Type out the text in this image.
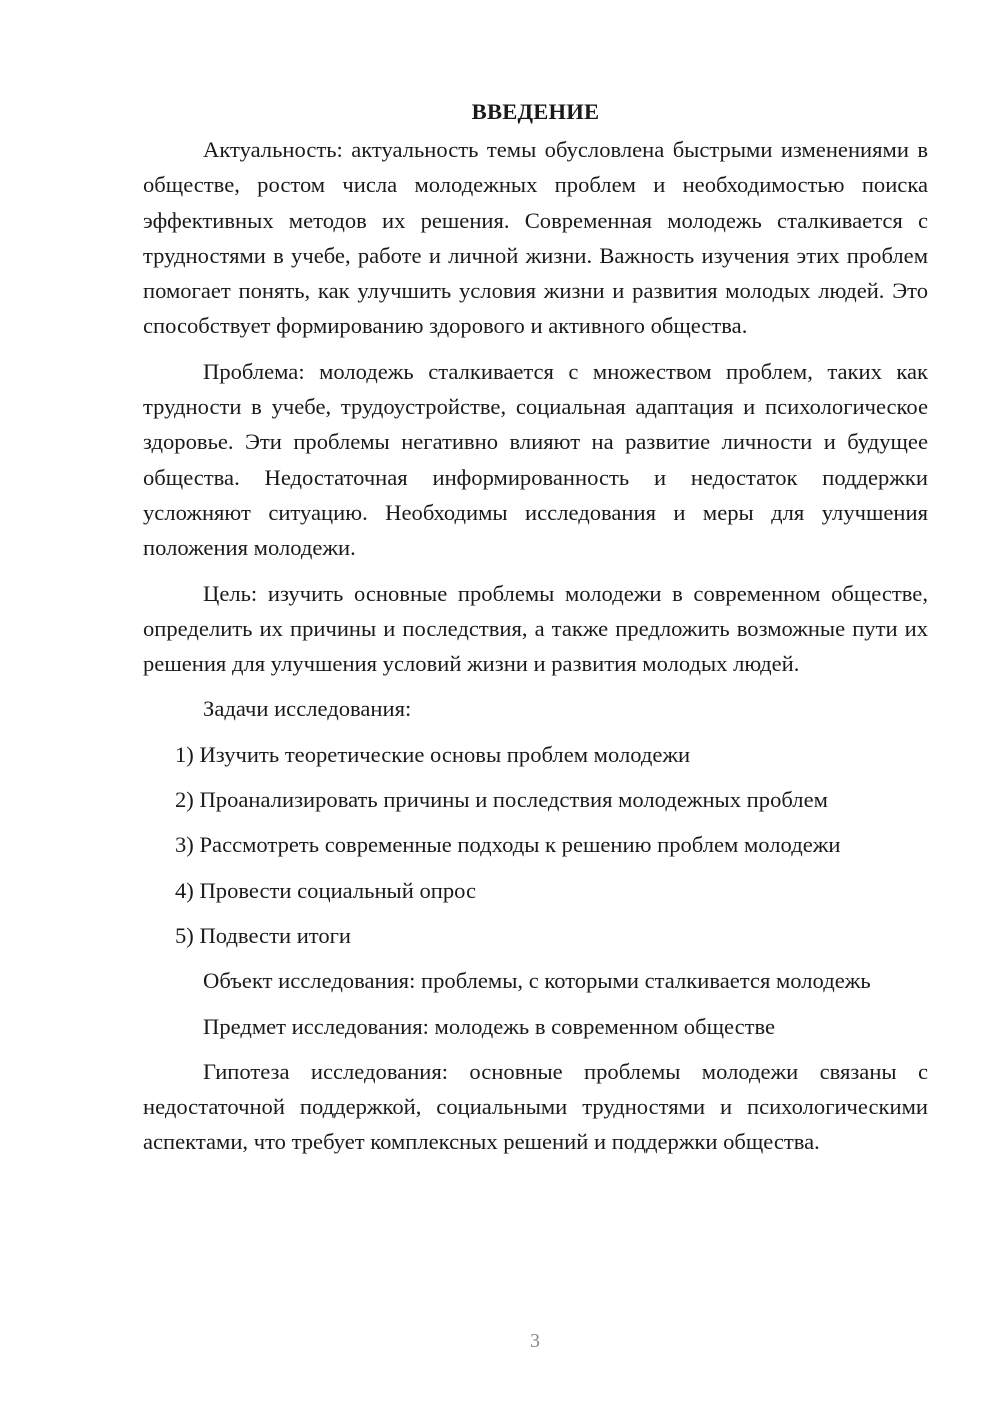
ВВЕДЕНИЕ

Актуальность: актуальность темы обусловлена быстрыми изменениями в обществе, ростом числа молодежных проблем и необходимостью поиска эффективных методов их решения. Современная молодежь сталкивается с трудностями в учебе, работе и личной жизни. Важность изучения этих проблем помогает понять, как улучшить условия жизни и развития молодых людей. Это способствует формированию здорового и активного общества.

Проблема: молодежь сталкивается с множеством проблем, таких как трудности в учебе, трудоустройстве, социальная адаптация и психологическое здоровье. Эти проблемы негативно влияют на развитие личности и будущее общества. Недостаточная информированность и недостаток поддержки усложняют ситуацию. Необходимы исследования и меры для улучшения положения молодежи.

Цель: изучить основные проблемы молодежи в современном обществе, определить их причины и последствия, а также предложить возможные пути их решения для улучшения условий жизни и развития молодых людей.

Задачи исследования:

1) Изучить теоретические основы проблем молодежи
2) Проанализировать причины и последствия молодежных проблем
3) Рассмотреть современные подходы к решению проблем молодежи
4) Провести социальный опрос
5) Подвести итоги

Объект исследования: проблемы, с которыми сталкивается молодежь

Предмет исследования: молодежь в современном обществе

Гипотеза исследования: основные проблемы молодежи связаны с недостаточной поддержкой, социальными трудностями и психологическими аспектами, что требует комплексных решений и поддержки общества.

3
